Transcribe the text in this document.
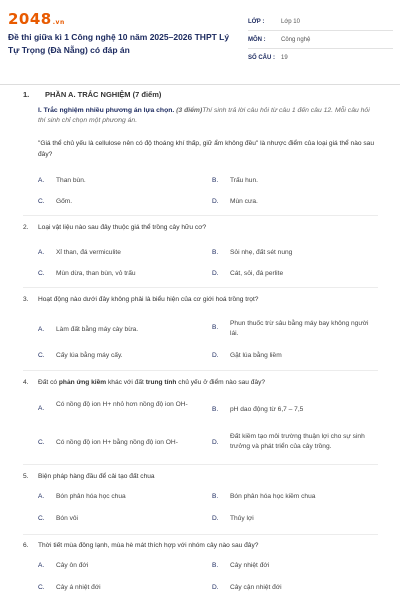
2048.vn
Đề thi giữa kì 1 Công nghệ 10 năm 2025–2026 THPT Lý Tự Trọng (Đà Nẵng) có đáp án
LỚP :	Lớp 10
MÔN :	Công nghệ
SỐ CÂU :	19
1. PHẦN A. TRẮC NGHIỆM (7 điểm)
I. Trắc nghiệm nhiều phương án lựa chọn. (3 điểm)Thí sinh trả lời câu hỏi từ câu 1 đến câu 12. Mỗi câu hỏi thí sinh chỉ chọn một phương án.
"Giá thể chủ yếu là cellulose nên có độ thoáng khí thấp, giữ ẩm không đều" là nhược điểm của loại giá thể nào sau đây?
A. Than bùn.	B. Trấu hun.
C. Gốm.	D. Mùn cưa.
2. Loại vật liệu nào sau đây thuộc giá thể trồng cây hữu cơ?
A. Xỉ than, đá vermiculite	B. Sỏi nhẹ, đất sét nung
C. Mùn dừa, than bùn, vỏ trấu	D. Cát, sỏi, đá perlite
3. Hoạt động nào dưới đây không phải là biểu hiện của cơ giới hoá trồng trọt?
A. Làm đất bằng máy cày bừa.	B.
Phun thuốc trừ sâu bằng máy bay không người lái.
C. Cấy lúa bằng máy cấy.	D. Gặt lúa bằng liềm
4. Đất có phản ứng kiềm khác với đất trung tính chủ yếu ở điểm nào sau đây?
A.
Có nồng độ ion H+ nhỏ hơn nồng độ ion OH-
B. pH dao động từ 6,7 – 7,5
C. Có nồng độ ion H+ bằng nồng độ ion OH-	D.
Đất kiềm tạo môi trường thuận lợi cho sự sinh trưởng và phát triển của cây trồng.
5. Biện pháp hàng đầu để cải tạo đất chua
A. Bón phân hóa học chua	B. Bón phân hóa học kiềm chua
C. Bón vôi	D. Thủy lợi
6. Thời tiết mùa đông lạnh, mùa hè mát thích hợp với nhóm cây nào sau đây?
A. Cây ôn đới	B. Cây nhiệt đới
C. Cây á nhiệt đới	D. Cây cận nhiệt đới
